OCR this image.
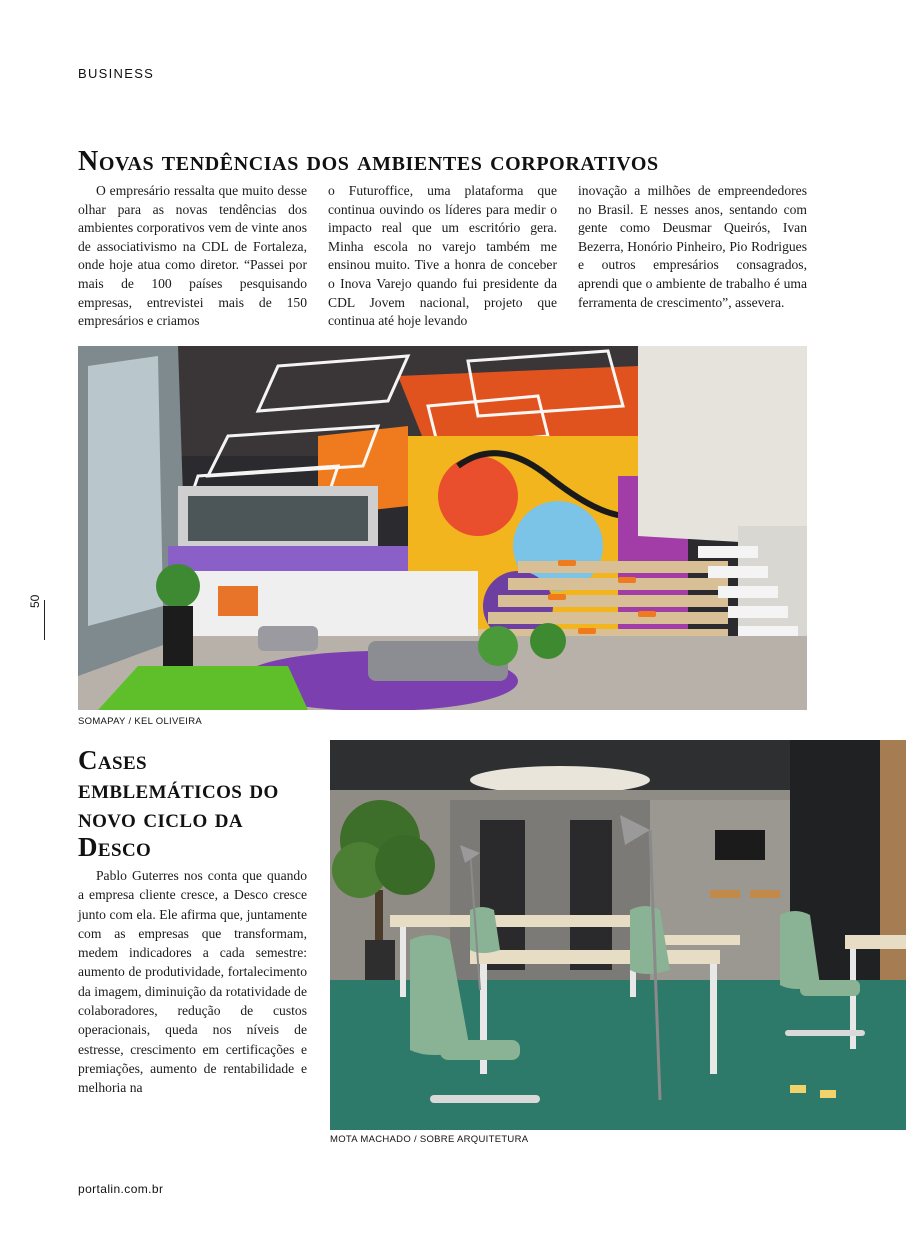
BUSINESS
Novas tendências dos ambientes corporativos

O empresário ressalta que muito desse olhar para as novas tendências dos ambientes corporativos vem de vinte anos de associativismo na CDL de Fortaleza, onde hoje atua como diretor. “Passei por mais de 100 países pesquisando empresas, entrevistei mais de 150 empresários e criamos

o Futuroffice, uma plataforma que continua ouvindo os líderes para medir o impacto real que um escritório gera. Minha escola no varejo também me ensinou muito. Tive a honra de conceber o Inova Varejo quando fui presidente da CDL Jovem nacional, projeto que continua até hoje levando

inovação a milhões de empreendedores no Brasil. E nesses anos, sentando com gente como Deusmar Queirós, Ivan Bezerra, Honório Pinheiro, Pio Rodrigues e outros empresários consagrados, aprendi que o ambiente de trabalho é uma ferramenta de crescimento”, assevera.

SOMAPAY / KEL OLIVEIRA
50
Cases emblemáticos do novo ciclo da Desco

Pablo Guterres nos conta que quando a empresa cliente cresce, a Desco cresce junto com ela. Ele afirma que, juntamente com as empresas que transformam, medem indicadores a cada semestre: aumento de produtividade, fortalecimento da imagem, diminuição da rotatividade de colaboradores, redução de custos operacionais, queda nos níveis de estresse, crescimento em certificações e premiações, aumento de rentabilidade e melhoria na

MOTA MACHADO / SOBRE ARQUITETURA
portalin.com.br
